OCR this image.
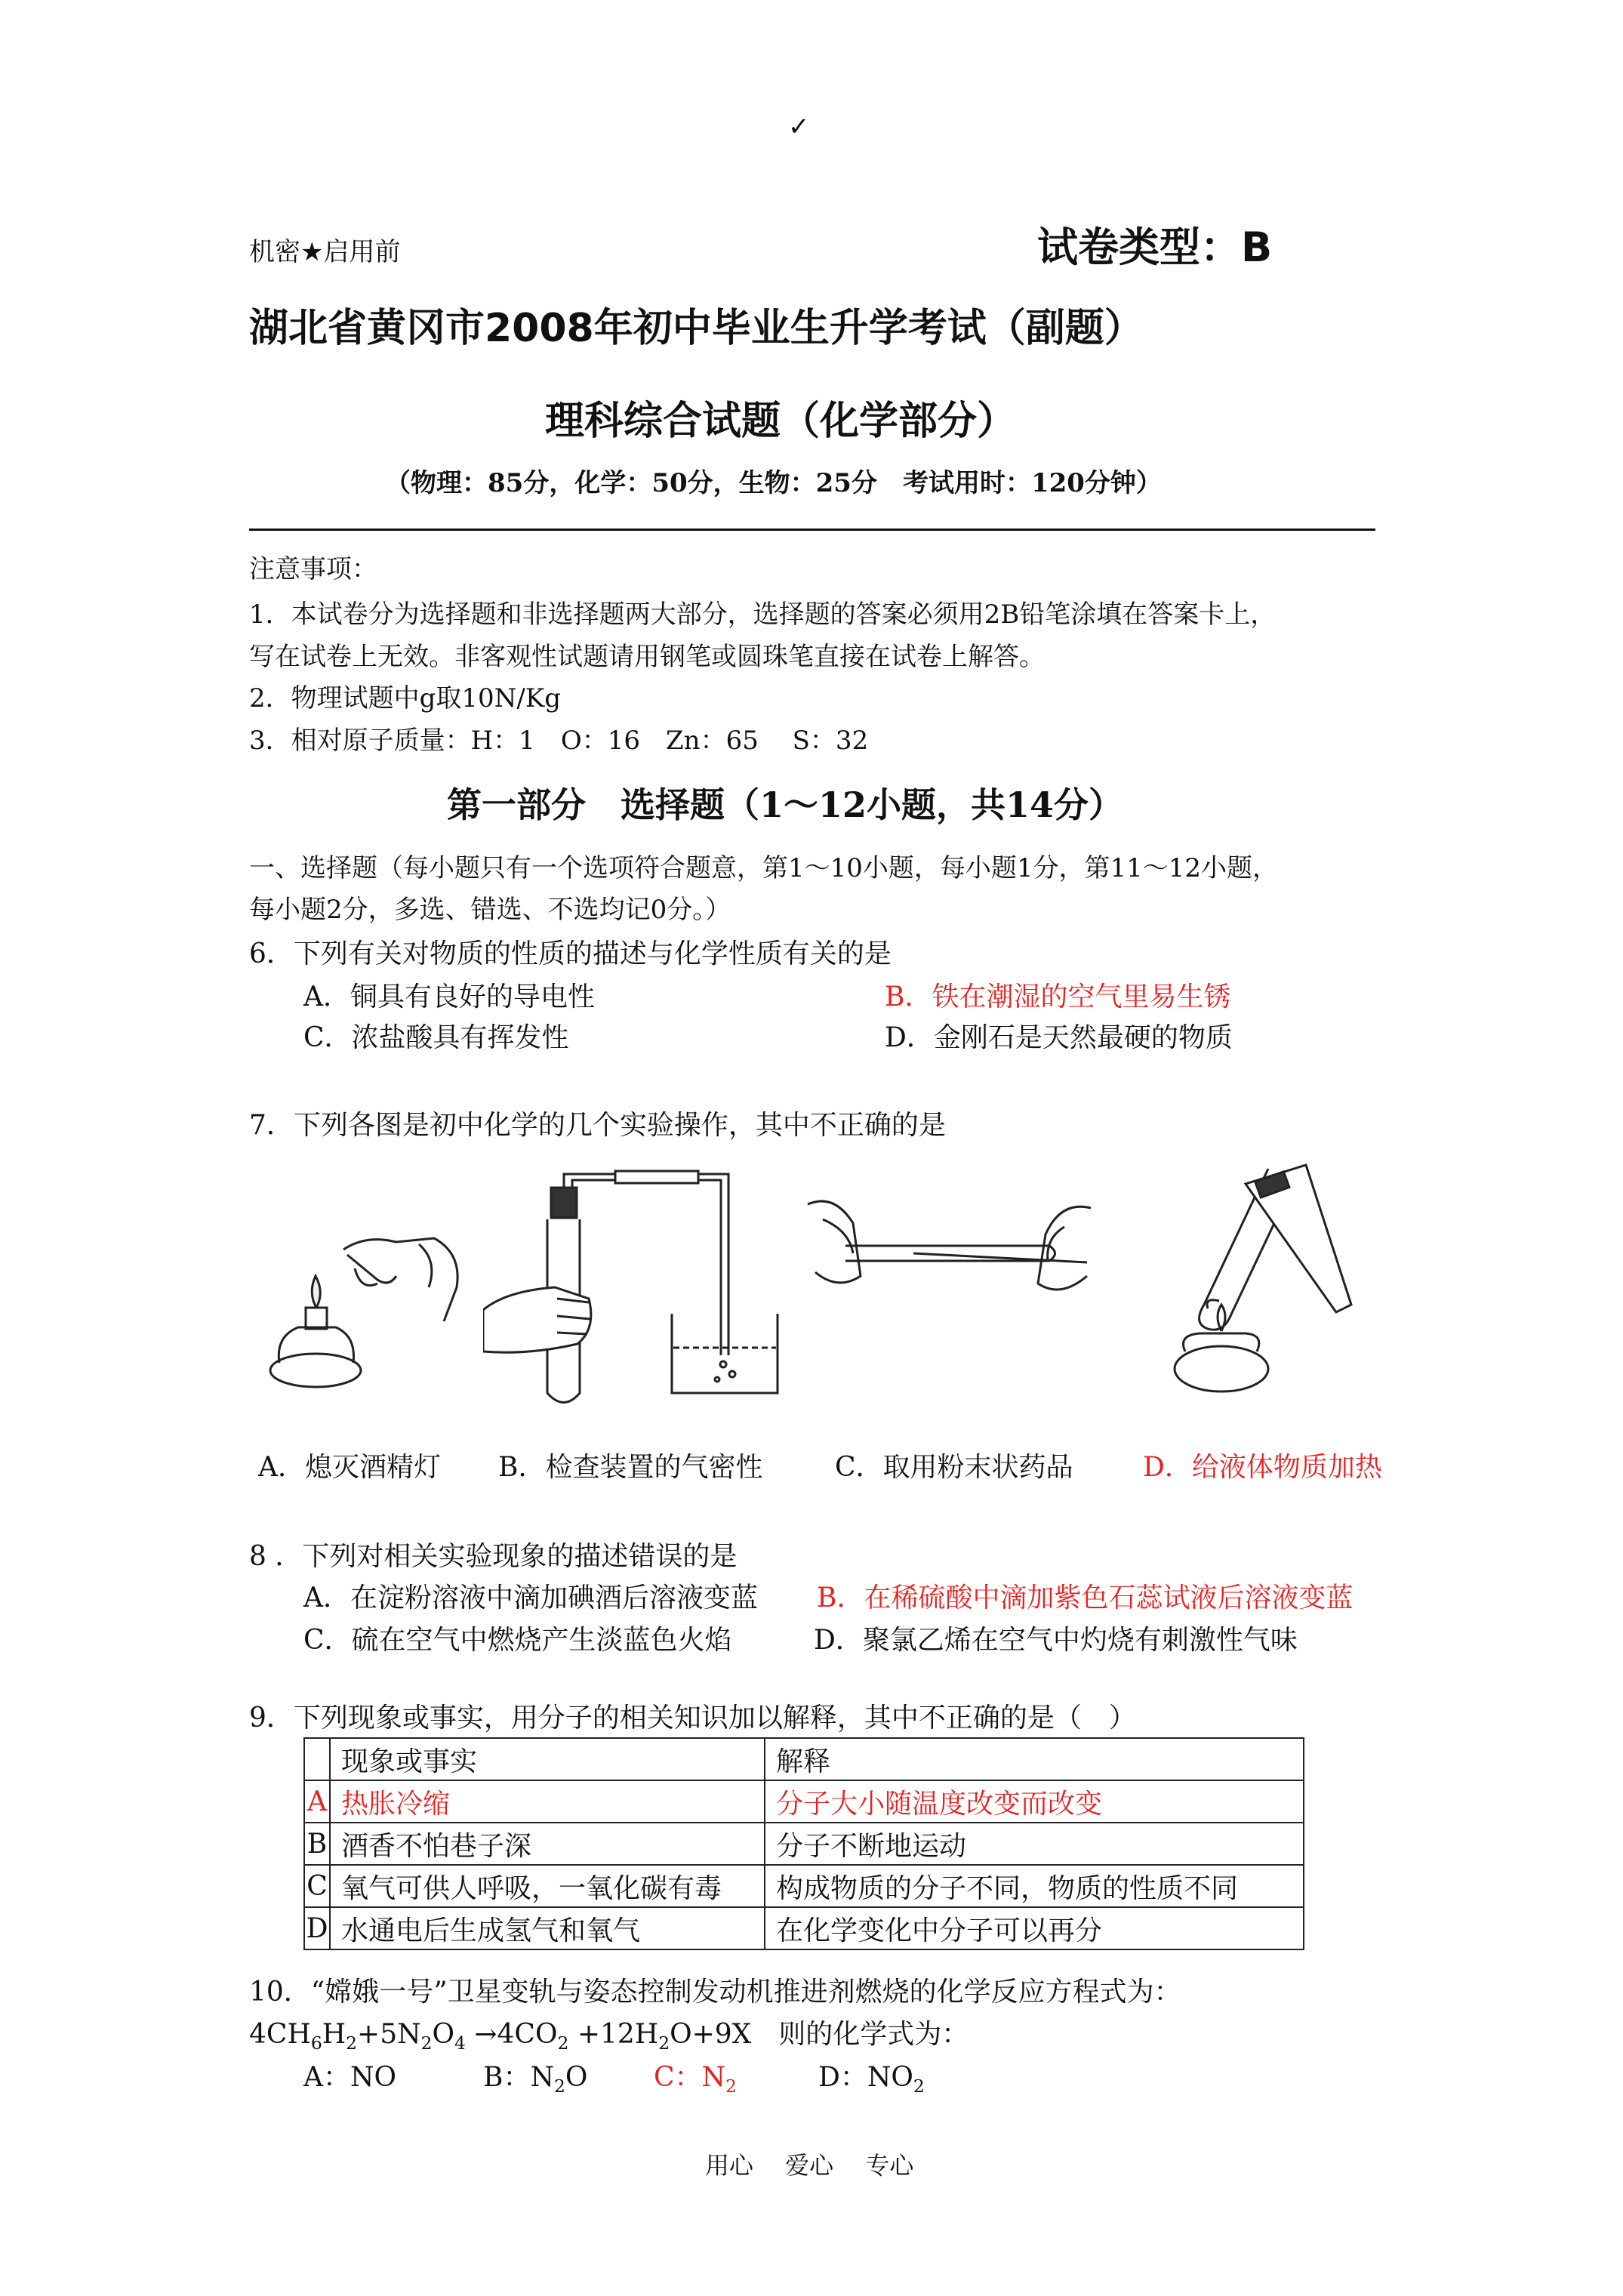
✓
机密★启用前	试卷类型：B
湖北省黄冈市2008年初中毕业生升学考试（副题）
理科综合试题（化学部分）
（物理：85分，化学：50分，生物：25分　考试用时：120分钟）
注意事项：
1．本试卷分为选择题和非选择题两大部分，选择题的答案必须用2B铅笔涂填在答案卡上，
写在试卷上无效。非客观性试题请用钢笔或圆珠笔直接在试卷上解答。
2．物理试题中g取10N/Kg
3．相对原子质量：H：1　O：16　Zn：65　 S：32
第一部分　选择题（1～12小题，共14分）
一、选择题（每小题只有一个选项符合题意，第1～10小题，每小题1分，第11～12小题，
每小题2分，多选、错选、不选均记0分。）
6．下列有关对物质的性质的描述与化学性质有关的是
A．铜具有良好的导电性	B．铁在潮湿的空气里易生锈
C．浓盐酸具有挥发性	D．金刚石是天然最硬的物质
7．下列各图是初中化学的几个实验操作，其中不正确的是
A．熄灭酒精灯 B．检查装置的气密性	C．取用粉末状药品	D．给液体物质加热
8 ．下列对相关实验现象的描述错误的是
A．在淀粉溶液中滴加碘酒后溶液变蓝 B．在稀硫酸中滴加紫色石蕊试液后溶液变蓝
C．硫在空气中燃烧产生淡蓝色火焰	D．聚氯乙烯在空气中灼烧有刺激性气味
9．下列现象或事实，用分子的相关知识加以解释，其中不正确的是（　）
	现象或事实	解释
A	热胀冷缩	分子大小随温度改变而改变
B	酒香不怕巷子深	分子不断地运动
C	氧气可供人呼吸，一氧化碳有毒	构成物质的分子不同，物质的性质不同
D	水通电后生成氢气和氧气	在化学变化中分子可以再分
10．“嫦娥一号”卫星变轨与姿态控制发动机推进剂燃烧的化学反应方程式为：
$4CH_6H_2+5N_2O_4 \to 4CO_2 +12H_2O+9X$　则的化学式为：
A：NO	B：$N_2O$ C：$N_2$	D：$NO_2$
用心　 爱心　 专心
